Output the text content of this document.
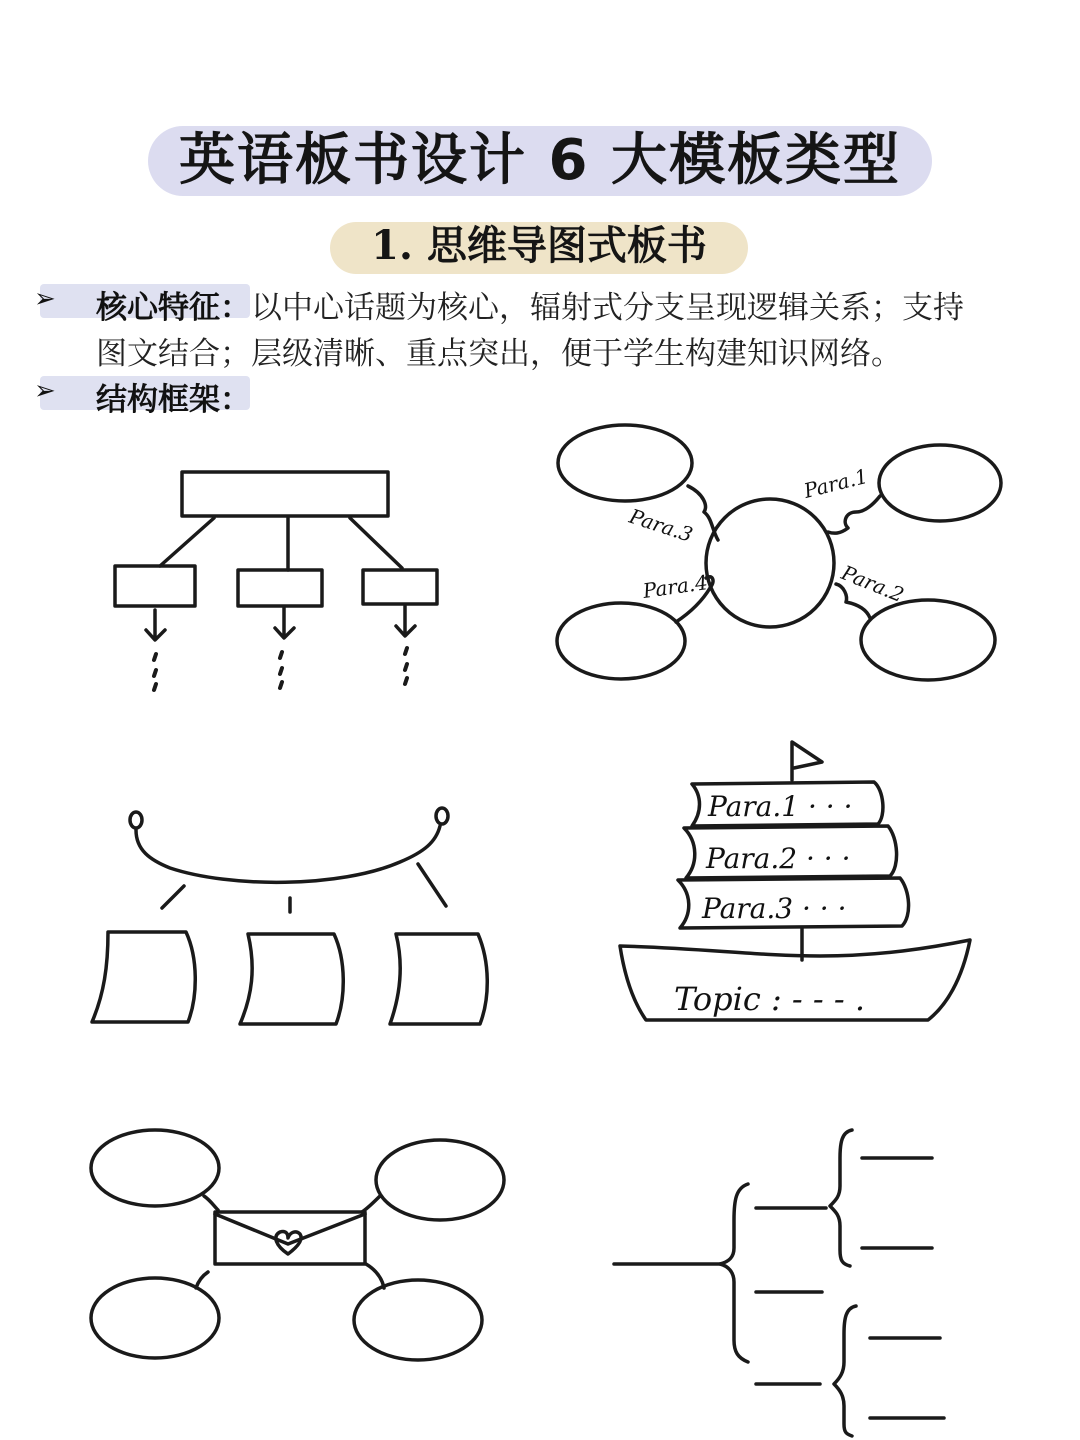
英语板书设计 6 大模板类型
1. 思维导图式板书
➢ 核心特征：以中心话题为核心，辐射式分支呈现逻辑关系；支持
图文结合；层级清晰、重点突出，便于学生构建知识网络。
➢ 结构框架：
Para.3
Para.1
Para.4	Para.2
Para.1 · · ·
Para.2 · · ·
Para.3 · · ·
Topic : - - - .
